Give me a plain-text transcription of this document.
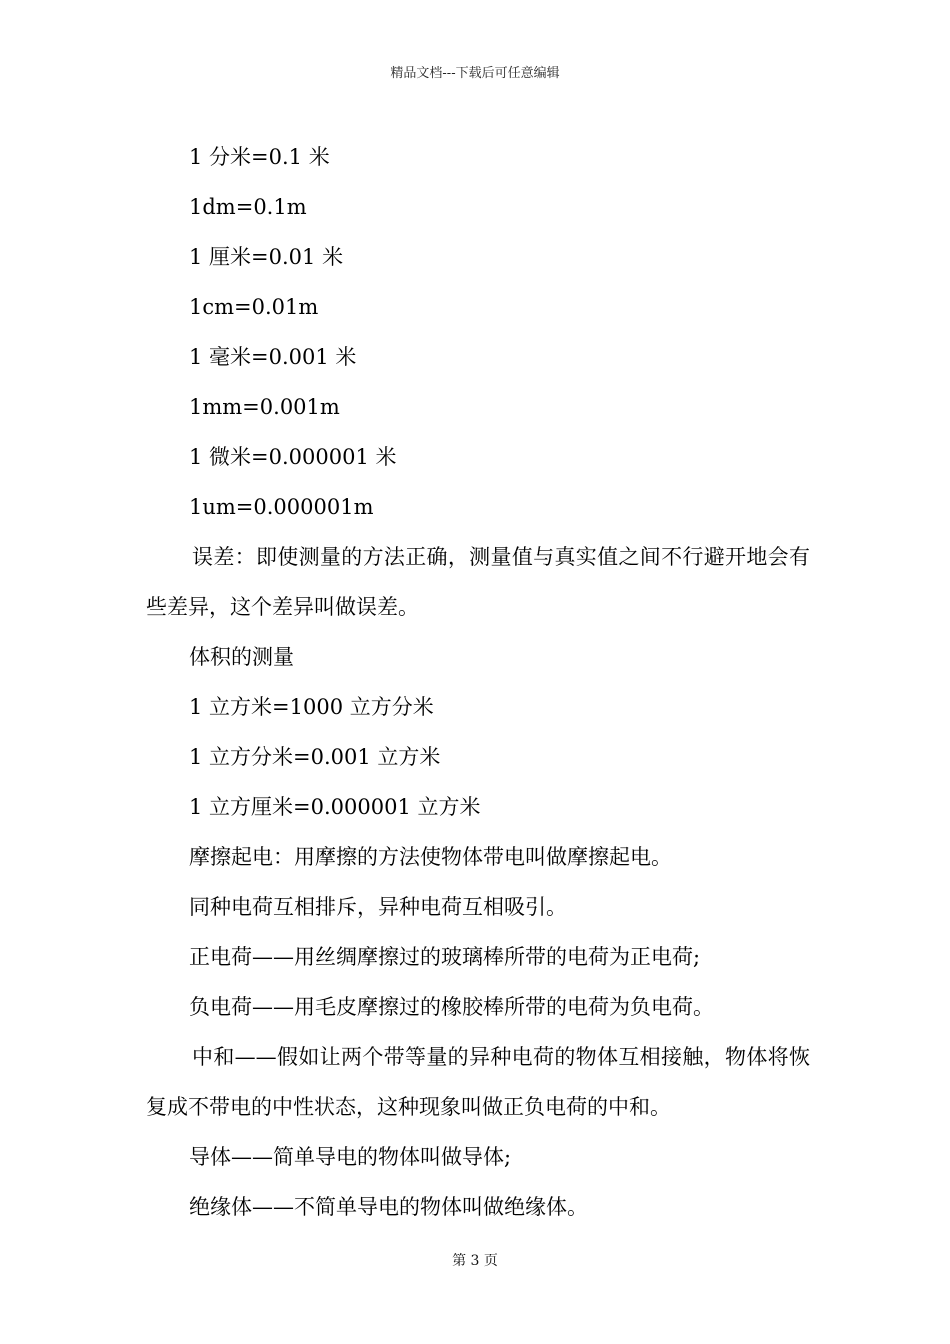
精品文档---下载后可任意编辑
1 分米=0.1 米
1dm=0.1m
1 厘米=0.01 米
1cm=0.01m
1 毫米=0.001 米
1mm=0.001m
1 微米=0.000001 米
1um=0.000001m

误差：即使测量的方法正确，测量值与真实值之间不行避开地会有些差异，这个差异叫做误差。

体积的测量
1 立方米=1000 立方分米
1 立方分米=0.001 立方米
1 立方厘米=0.000001 立方米
摩擦起电：用摩擦的方法使物体带电叫做摩擦起电。
同种电荷互相排斥，异种电荷互相吸引。
正电荷——用丝绸摩擦过的玻璃棒所带的电荷为正电荷;
负电荷——用毛皮摩擦过的橡胶棒所带的电荷为负电荷。

中和——假如让两个带等量的异种电荷的物体互相接触，物体将恢复成不带电的中性状态，这种现象叫做正负电荷的中和。

导体——简单导电的物体叫做导体;
绝缘体——不简单导电的物体叫做绝缘体。
第 3 页
